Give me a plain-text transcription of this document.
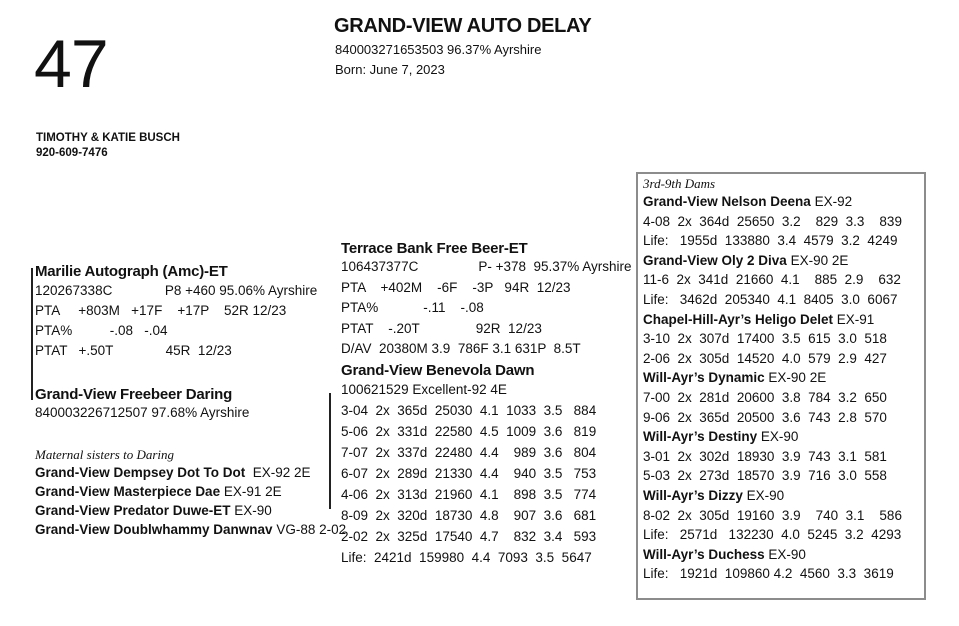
47
TIMOTHY & KATIE BUSCH
920-609-7476
GRAND-VIEW AUTO DELAY
840003271653503 96.37% Ayrshire
Born: June 7, 2023
Marilie Autograph (Amc)-ET
120267338C              P8 +460 95.06% Ayrshire
PTA     +803M   +17F    +17P    52R 12/23
PTA%          -.08   -.04
PTAT   +.50T              45R  12/23
Grand-View Freebeer Daring
840003226712507 97.68% Ayrshire
Maternal sisters to Daring
Grand-View Dempsey Dot To Dot  EX-92 2E
Grand-View Masterpiece Dae EX-91 2E
Grand-View Predator Duwe-ET EX-90
Grand-View Doublwhammy Danwnav VG-88 2-02
Terrace Bank Free Beer-ET
106437377C                P- +378  95.37% Ayrshire
PTA    +402M    -6F    -3P   94R  12/23
PTA%            -.11    -.08
PTAT    -.20T               92R  12/23
D/AV  20380M 3.9  786F 3.1 631P  8.5T
Grand-View Benevola Dawn
100621529 Excellent-92 4E
3-04  2x  365d  25030  4.1  1033  3.5   884
5-06  2x  331d  22580  4.5  1009  3.6   819
7-07  2x  337d  22480  4.4    989  3.6   804
6-07  2x  289d  21330  4.4    940  3.5   753
4-06  2x  313d  21960  4.1    898  3.5   774
8-09  2x  320d  18730  4.8    907  3.6   681
2-02  2x  325d  17540  4.7    832  3.4   593
Life:  2421d  159980  4.4  7093  3.5  5647
3rd-9th Dams
Grand-View Nelson Deena EX-92
4-08  2x  364d  25650  3.2    829  3.3    839
Life:   1955d  133880  3.4  4579  3.2  4249
Grand-View Oly 2 Diva EX-90 2E
11-6  2x  341d  21660  4.1    885  2.9    632
Life:   3462d  205340  4.1  8405  3.0  6067
Chapel-Hill-Ayr’s Heligo Delet EX-91
3-10  2x  307d  17400  3.5  615  3.0  518
2-06  2x  305d  14520  4.0  579  2.9  427
Will-Ayr’s Dynamic EX-90 2E
7-00  2x  281d  20600  3.8  784  3.2  650
9-06  2x  365d  20500  3.6  743  2.8  570
Will-Ayr’s Destiny EX-90
3-01  2x  302d  18930  3.9  743  3.1  581
5-03  2x  273d  18570  3.9  716  3.0  558
Will-Ayr’s Dizzy EX-90
8-02  2x  305d  19160  3.9    740  3.1    586
Life:   2571d   132230  4.0  5245  3.2  4293
Will-Ayr’s Duchess EX-90
Life:   1921d  109860 4.2  4560  3.3  3619
